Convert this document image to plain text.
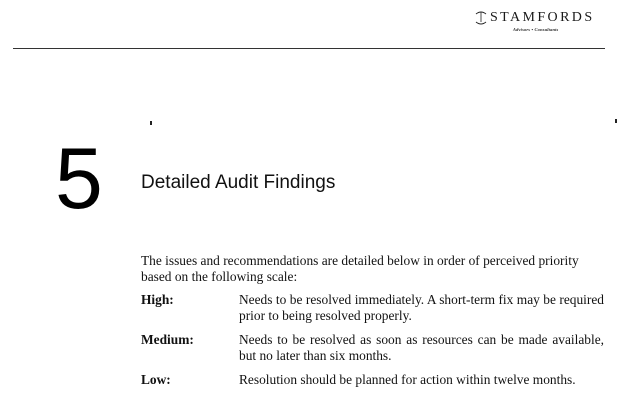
STAMFORDS
Advisors • Consultants
5 Detailed Audit Findings

The issues and recommendations are detailed below in order of perceived priority based on the following scale:

High:	Needs to be resolved immediately. A short-term fix may be required prior to being resolved properly.
Medium:	Needs to be resolved as soon as resources can be made available, but no later than six months.
Low:	Resolution should be planned for action within twelve months.
